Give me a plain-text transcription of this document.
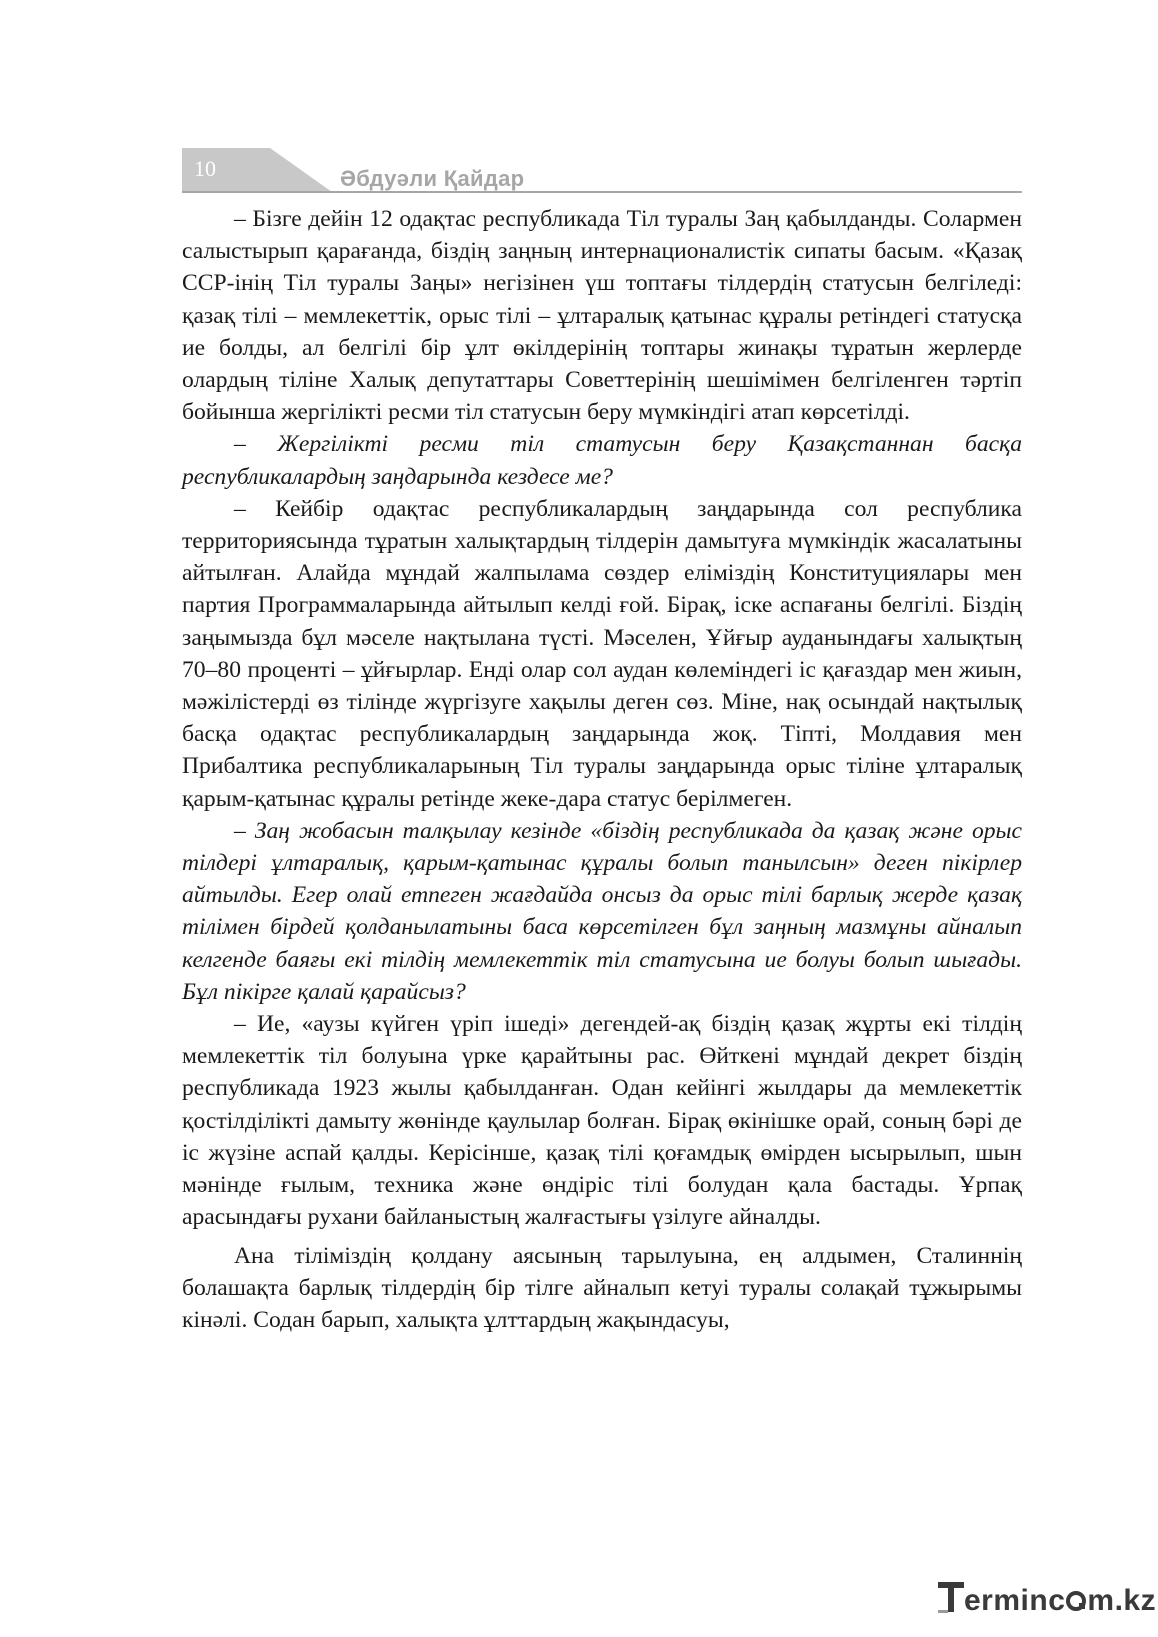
10	Әбдуәли Қайдар

– Бізге дейін 12 одақтас республикада Тіл туралы Заң қабылданды. Солармен салыстырып қарағанда, біздің заңның интернационалистік сипаты басым. «Қазақ ССР-інің Тіл туралы Заңы» негізінен үш топтағы тілдердің статусын белгіледі: қазақ тілі – мемлекеттік, орыс тілі – ұлтаралық қатынас құралы ретіндегі статусқа ие болды, ал белгілі бір ұлт өкілдерінің топтары жинақы тұратын жерлерде олардың тіліне Халық депутаттары Советтерінің шешімімен белгіленген тәртіп бойынша жергілікті ресми тіл статусын беру мүмкіндігі атап көрсетілді.

– Жергілікті ресми тіл статусын беру Қазақстаннан басқа республикалардың заңдарында кездесе ме?

– Кейбір одақтас республикалардың заңдарында сол республика территориясында тұратын халықтардың тілдерін дамытуға мүмкіндік жасалатыны айтылған. Алайда мұндай жалпылама сөздер еліміздің Конституциялары мен партия Программаларында айтылып келді ғой. Бірақ, іске аспағаны белгілі. Біздің заңымызда бұл мәселе нақтылана түсті. Мәселен, Ұйғыр ауданындағы халықтың 70–80 проценті – ұйғырлар. Енді олар сол аудан көлеміндегі іс қағаздар мен жиын, мәжілістерді өз тілінде жүргізуге хақылы деген сөз. Міне, нақ осындай нақтылық басқа одақтас республикалардың заңдарында жоқ. Тіпті, Молдавия мен Прибалтика республикаларының Тіл туралы заңдарында орыс тіліне ұлтаралық қарым-қатынас құралы ретінде жеке-дара статус берілмеген.

– Заң жобасын талқылау кезінде «біздің республикада да қазақ және орыс тілдері ұлтаралық, қарым-қатынас құралы болып танылсын» деген пікірлер айтылды. Егер олай етпеген жағдайда онсыз да орыс тілі барлық жерде қазақ тілімен бірдей қолданылатыны баса көрсетілген бұл заңның мазмұны айналып келгенде баяғы екі тілдің мемлекеттік тіл статусына ие болуы болып шығады. Бұл пікірге қалай қарайсыз?

– Ие, «аузы күйген үріп ішеді» дегендей-ақ біздің қазақ жұрты екі тілдің мемлекеттік тіл болуына үрке қарайтыны рас. Өйткені мұндай декрет біздің республикада 1923 жылы қабылданған. Одан кейінгі жылдары да мемлекеттік қостілділікті дамыту жөнінде қаулылар болған. Бірақ өкінішке орай, соның бәрі де іс жүзіне аспай қалды. Керісінше, қазақ тілі қоғамдық өмірден ысырылып, шын мәнінде ғылым, техника және өндіріс тілі болудан қала бастады. Ұрпақ арасындағы рухани байланыстың жалғастығы үзілуге айналды.

Ана тіліміздің қолдану аясының тарылуына, ең алдымен, Сталиннің болашақта барлық тілдердің бір тілге айналып кетуі туралы солақай тұжырымы кінәлі. Содан барып, халықта ұлттардың жақындасуы,

erminc m.kz
